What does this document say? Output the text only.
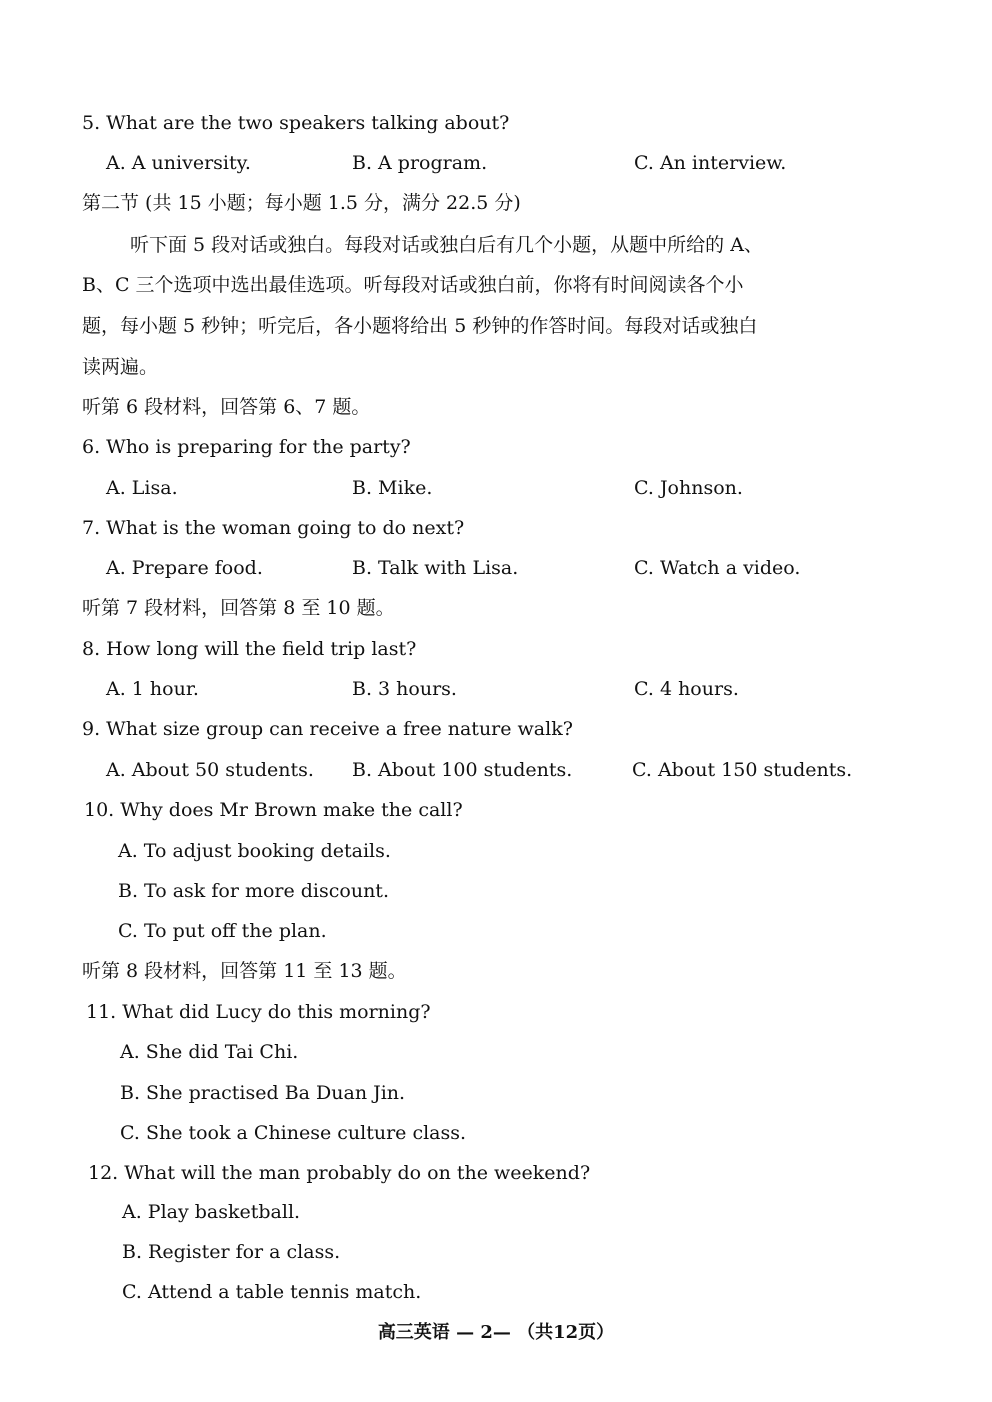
5. What are the two speakers talking about?
A. A university.	B. A program.	C. An interview.
第二节 (共 15 小题；每小题 1.5 分，满分 22.5 分)
听下面 5 段对话或独白。每段对话或独白后有几个小题，从题中所给的 A、
B、C 三个选项中选出最佳选项。听每段对话或独白前，你将有时间阅读各个小
题，每小题 5 秒钟；听完后，各小题将给出 5 秒钟的作答时间。每段对话或独白
读两遍。
听第 6 段材料，回答第 6、7 题。
6. Who is preparing for the party?
A. Lisa.	B. Mike.	C. Johnson.
7. What is the woman going to do next?
A. Prepare food.	B. Talk with Lisa.	C. Watch a video.
听第 7 段材料，回答第 8 至 10 题。
8. How long will the field trip last?
A. 1 hour.	B. 3 hours.	C. 4 hours.
9. What size group can receive a free nature walk?
A. About 50 students. B. About 100 students.	C. About 150 students.
10. Why does Mr Brown make the call?
A. To adjust booking details.
B. To ask for more discount.
C. To put off the plan.
听第 8 段材料，回答第 11 至 13 题。
11. What did Lucy do this morning?
A. She did Tai Chi.
B. She practised Ba Duan Jin.
C. She took a Chinese culture class.
12. What will the man probably do on the weekend?
A. Play basketball.
B. Register for a class.
C. Attend a table tennis match.
高三英语 — 2— （共12页）
